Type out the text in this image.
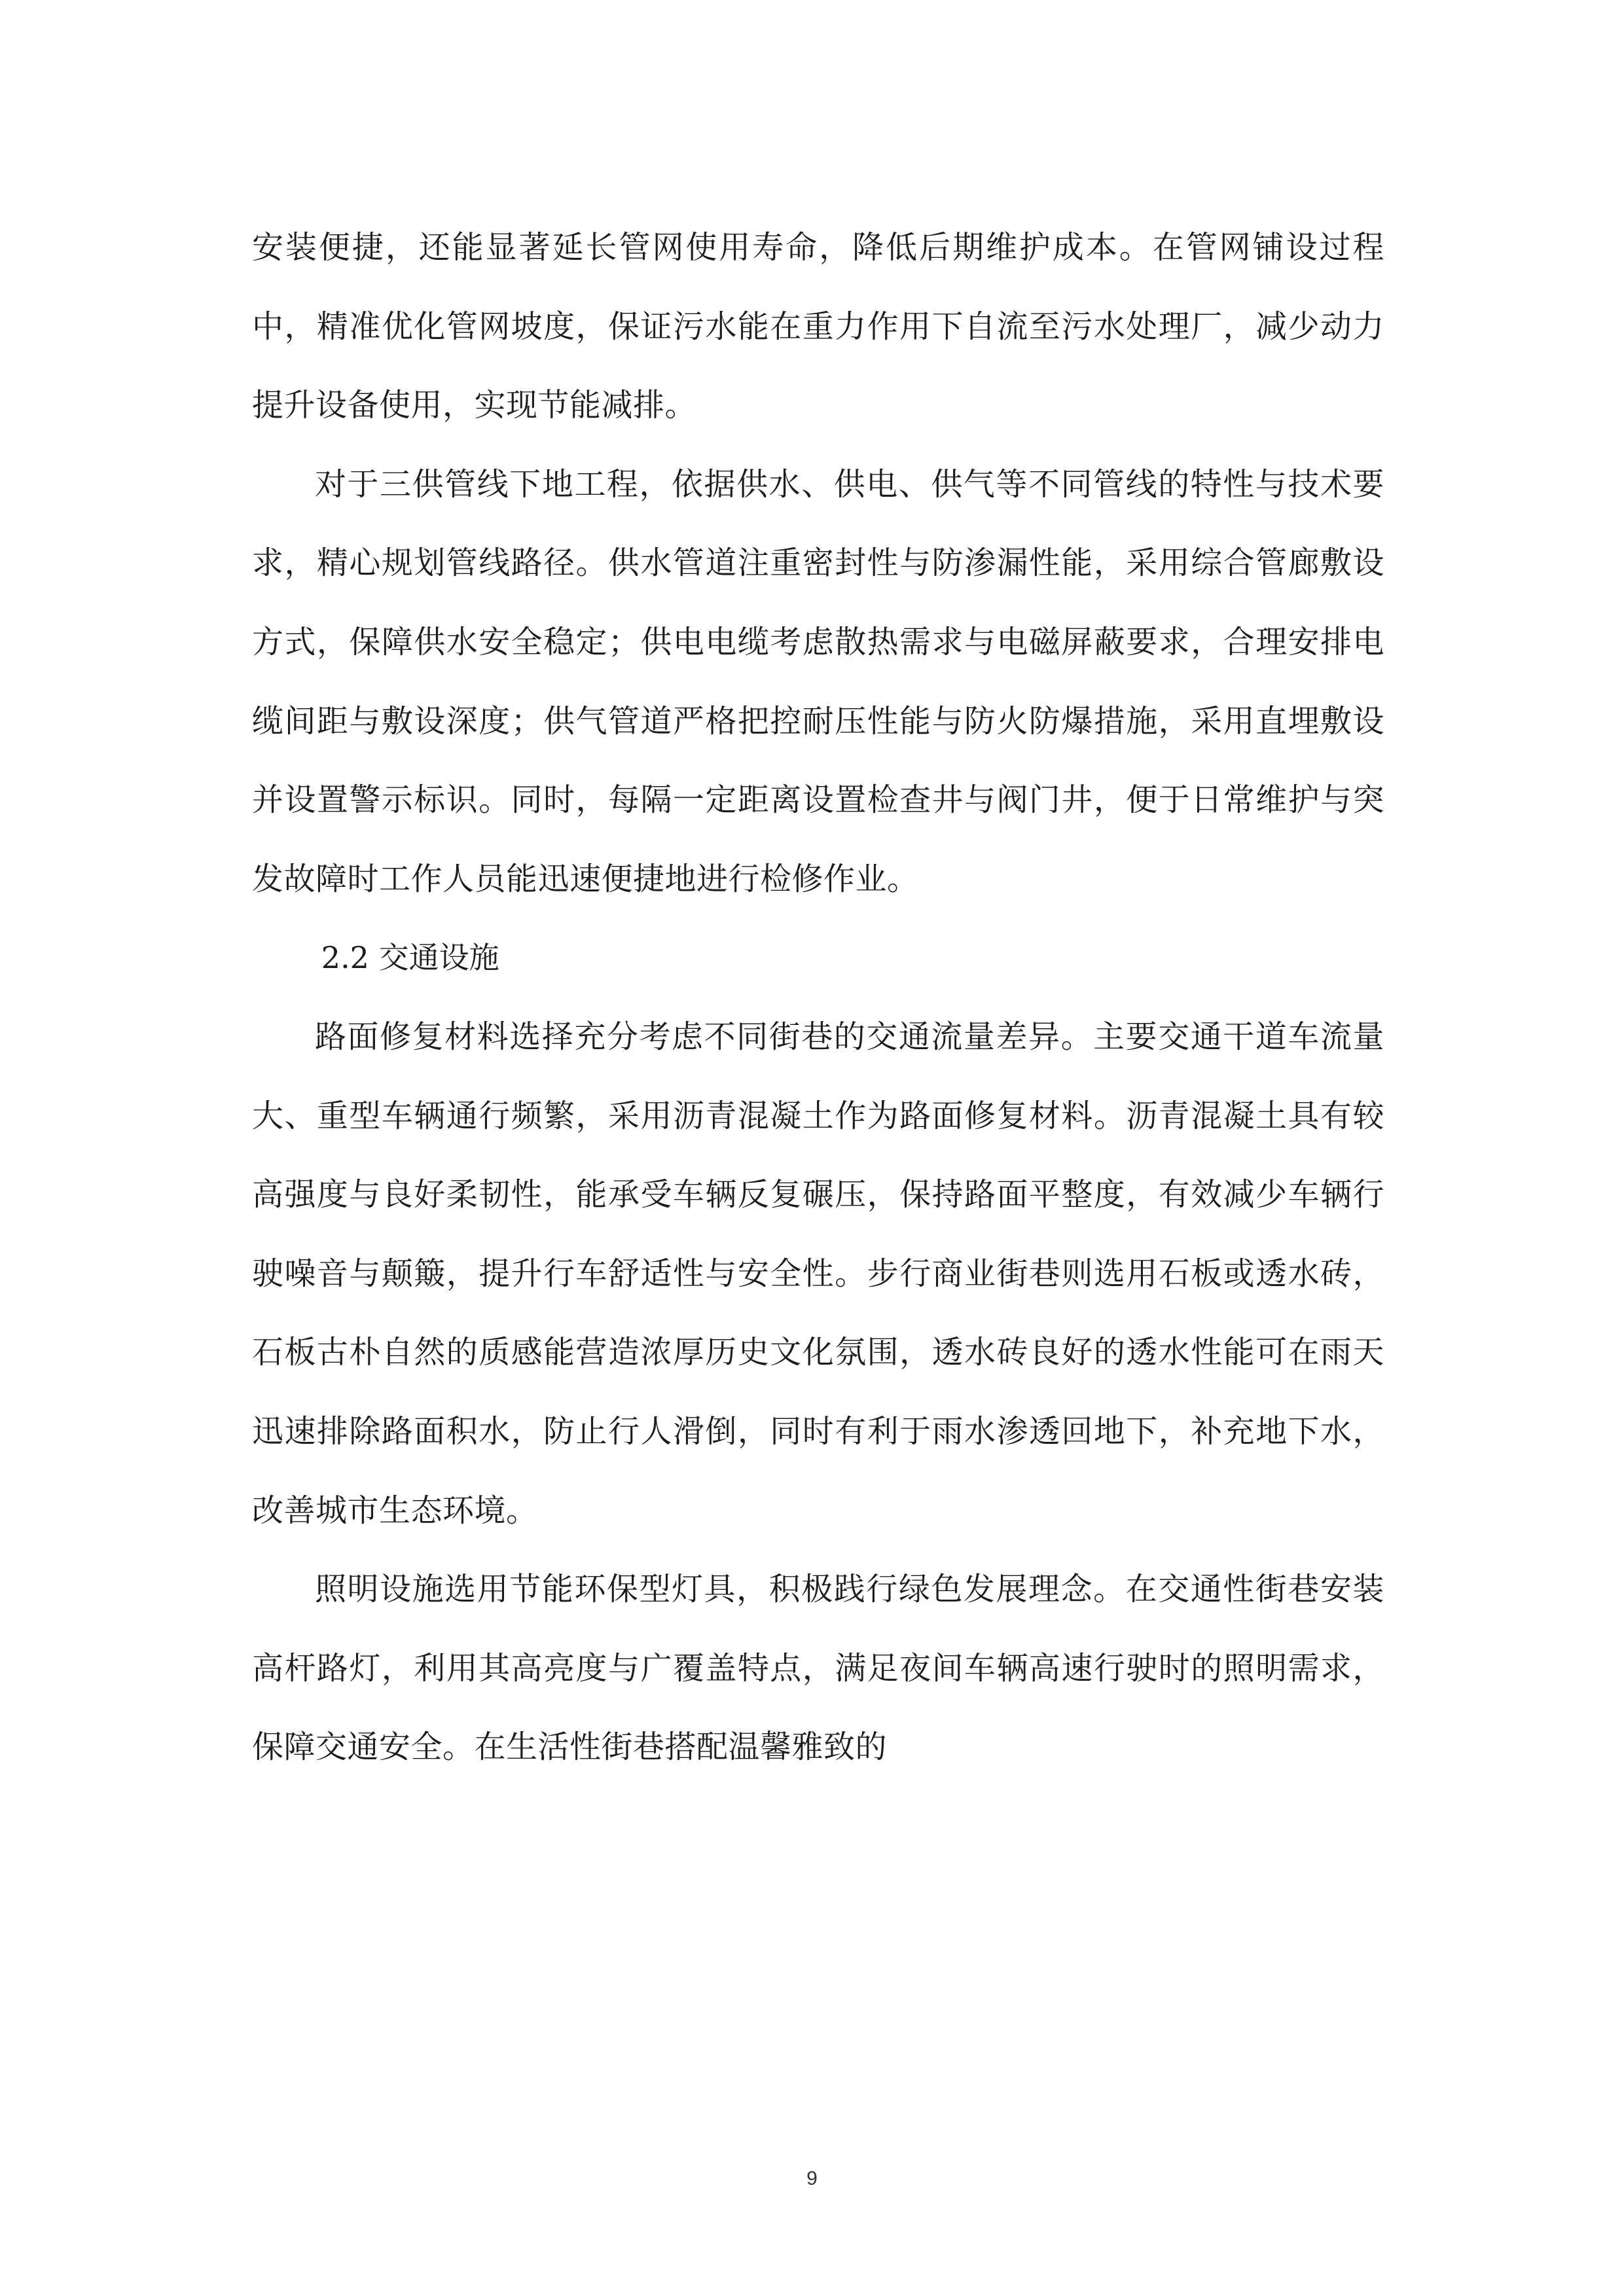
安装便捷，还能显著延长管网使用寿命，降低后期维护成本。在管网铺设过程中，精准优化管网坡度，保证污水能在重力作用下自流至污水处理厂，减少动力提升设备使用，实现节能减排。

对于三供管线下地工程，依据供水、供电、供气等不同管线的特性与技术要求，精心规划管线路径。供水管道注重密封性与防渗漏性能，采用综合管廊敷设方式，保障供水安全稳定；供电电缆考虑散热需求与电磁屏蔽要求，合理安排电缆间距与敷设深度；供气管道严格把控耐压性能与防火防爆措施，采用直埋敷设并设置警示标识。同时，每隔一定距离设置检查井与阀门井，便于日常维护与突发故障时工作人员能迅速便捷地进行检修作业。

2.2 交通设施

路面修复材料选择充分考虑不同街巷的交通流量差异。主要交通干道车流量大、重型车辆通行频繁，采用沥青混凝土作为路面修复材料。沥青混凝土具有较高强度与良好柔韧性，能承受车辆反复碾压，保持路面平整度，有效减少车辆行驶噪音与颠簸，提升行车舒适性与安全性。步行商业街巷则选用石板或透水砖，石板古朴自然的质感能营造浓厚历史文化氛围，透水砖良好的透水性能可在雨天迅速排除路面积水，防止行人滑倒，同时有利于雨水渗透回地下，补充地下水，改善城市生态环境。

照明设施选用节能环保型灯具，积极践行绿色发展理念。在交通性街巷安装高杆路灯，利用其高亮度与广覆盖特点，满足夜间车辆高速行驶时的照明需求，保障交通安全。在生活性街巷搭配温馨雅致的

9
